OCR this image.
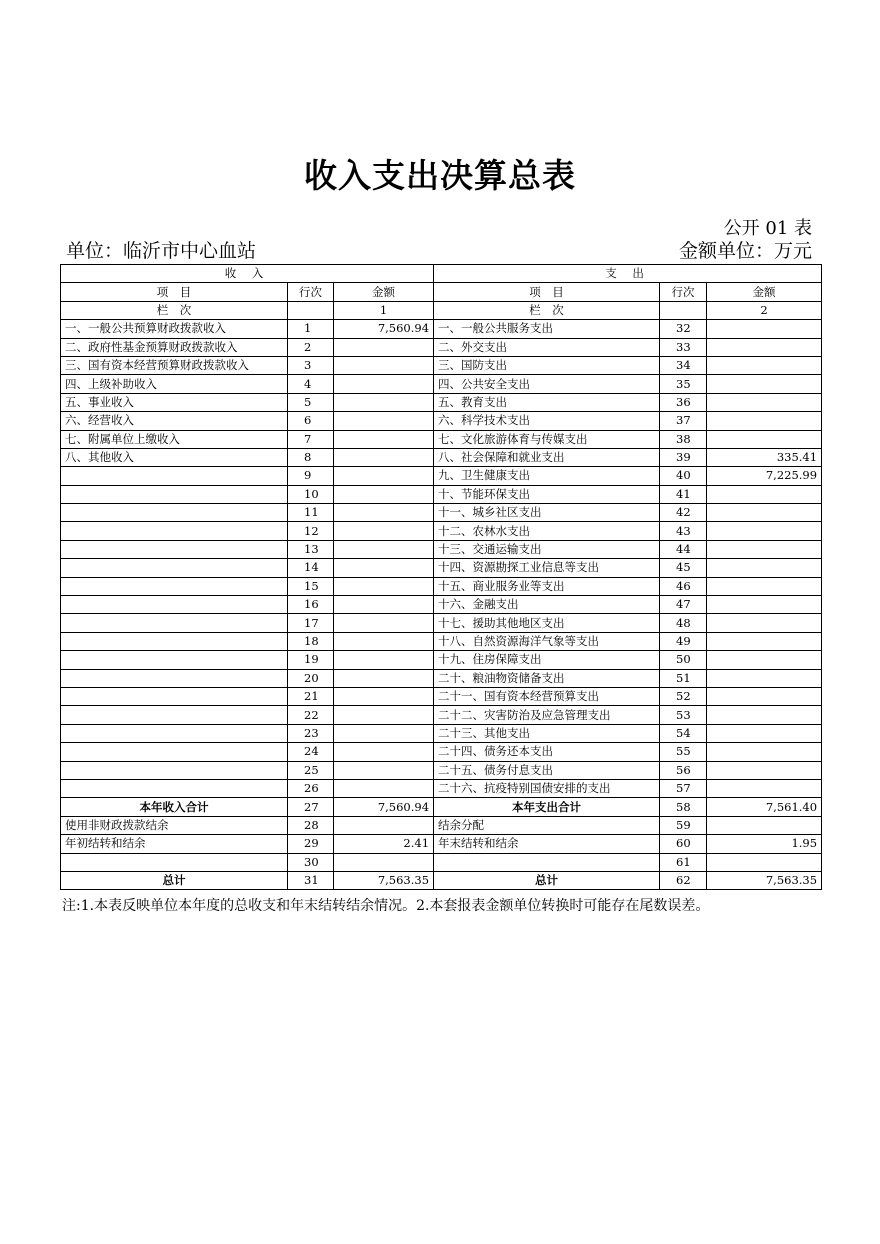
收入支出决算总表
公开 01 表
单位：临沂市中心血站	金额单位：万元
收 入			支 出		
项　目	行次	金额	项　目	行次	金额
栏　次		1	栏　次		2
一、一般公共预算财政拨款收入	1	7,560.94	一、一般公共服务支出	32	
二、政府性基金预算财政拨款收入	2		二、外交支出	33	
三、国有资本经营预算财政拨款收入	3		三、国防支出	34	
四、上级补助收入	4		四、公共安全支出	35	
五、事业收入	5		五、教育支出	36	
六、经营收入	6		六、科学技术支出	37	
七、附属单位上缴收入	7		七、文化旅游体育与传媒支出	38	
八、其他收入	8		八、社会保障和就业支出	39	335.41
	9		九、卫生健康支出	40	7,225.99
	10		十、节能环保支出	41	
	11		十一、城乡社区支出	42	
	12		十二、农林水支出	43	
	13		十三、交通运输支出	44	
	14		十四、资源勘探工业信息等支出	45	
	15		十五、商业服务业等支出	46	
	16		十六、金融支出	47	
	17		十七、援助其他地区支出	48	
	18		十八、自然资源海洋气象等支出	49	
	19		十九、住房保障支出	50	
	20		二十、粮油物资储备支出	51	
	21		二十一、国有资本经营预算支出	52	
	22		二十二、灾害防治及应急管理支出	53	
	23		二十三、其他支出	54	
	24		二十四、债务还本支出	55	
	25		二十五、债务付息支出	56	
	26		二十六、抗疫特别国债安排的支出	57	
本年收入合计	27	7,560.94	本年支出合计	58	7,561.40
使用非财政拨款结余	28		结余分配	59	
年初结转和结余	29	2.41	年末结转和结余	60	1.95
	30			61	
总计	31	7,563.35	总计	62	7,563.35
注:1.本表反映单位本年度的总收支和年末结转结余情况。2.本套报表金额单位转换时可能存在尾数误差。
